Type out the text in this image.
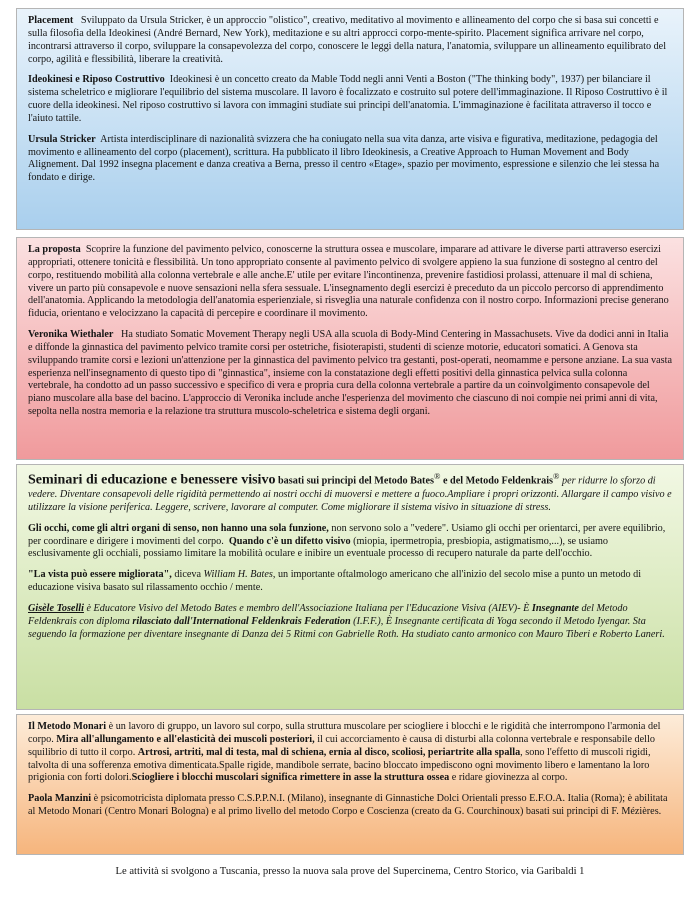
Placement Sviluppato da Ursula Stricker, è un approccio "olistico", creativo, meditativo al movimento e allineamento del corpo che si basa sui concetti e sulla filosofia della Ideokinesi (André Bernard, New York), meditazione e su altri approcci corpo-mente-spirito. Placement significa arrivare nel corpo, incontrarsi attraverso il corpo, sviluppare la consapevolezza del corpo, conoscere le leggi della natura, l'anatomia, sviluppare un allineamento equilibrato del corpo, agilità e flessibilità, liberare la creatività.

Ideokinesi e Riposo Costruttivo Ideokinesi è un concetto creato da Mable Todd negli anni Venti a Boston ("The thinking body", 1937) per bilanciare il sistema scheletrico e migliorare l'equilibrio del sistema muscolare. Il lavoro è focalizzato e costruito sul potere dell'immaginazione. Il Riposo Costruttivo è il cuore della ideokinesi. Nel riposo costruttivo si lavora con immagini studiate sui principi dell'anatomia. L'immaginazione è facilitata attraverso il tocco e l'aiuto tattile.

Ursula Stricker Artista interdisciplinare di nazionalità svizzera che ha coniugato nella sua vita danza, arte visiva e figurativa, meditazione, pedagogia del movimento e allineamento del corpo (placement), scrittura. Ha pubblicato il libro Ideokinesis, a Creative Approach to Human Movement and Body Alignement. Dal 1992 insegna placement e danza creativa a Berna, presso il centro «Etage», spazio per movimento, espressione e silenzio che lei stessa ha fondato e dirige.

La proposta Scoprire la funzione del pavimento pelvico, conoscerne la struttura ossea e muscolare, imparare ad attivare le diverse parti attraverso esercizi appropriati, ottenere tonicità e flessibilità. Un tono appropriato consente al pavimento pelvico di svolgere appieno la sua funzione di sostegno al centro del corpo, restituendo mobilità alla colonna vertebrale e alle anche.E' utile per evitare l'incontinenza, prevenire fastidiosi prolassi, attenuare il mal di schiena, vivere un parto più consapevole e nuove sensazioni nella sfera sessuale. L'insegnamento degli esercizi è preceduto da un piccolo percorso di apprendimento dell'anatomia. Applicando la metodologia dell'anatomia esperienziale, si risveglia una naturale confidenza con il nostro corpo. Informazioni precise generano fiducia, orientano e velocizzano la capacità di percepire e coordinare il movimento.

Veronika Wiethaler Ha studiato Somatic Movement Therapy negli USA alla scuola di Body-Mind Centering in Massachusets. Vive da dodici anni in Italia e diffonde la ginnastica del pavimento pelvico tramite corsi per ostetriche, fisioterapisti, studenti di scienze motorie, educatori somatici. A Genova sta sviluppando tramite corsi e lezioni un'attenzione per la ginnastica del pavimento pelvico tra gestanti, post-operati, neomamme e persone anziane. La sua vasta esperienza nell'insegnamento di questo tipo di "ginnastica", insieme con la constatazione degli effetti positivi della ginnastica pelvica sulla colonna vertebrale, ha condotto ad un passo successivo e specifico di vera e propria cura della colonna vertebrale a partire da un coinvolgimento consapevole del piano muscolare alla base del bacino. L'approccio di Veronika include anche l'esperienza del movimento che ciascuno di noi compie nei primi anni di vita, sepolta nella nostra memoria e la relazione tra struttura muscolo-scheletrica e sistema degli organi.

Seminari di educazione e benessere visivo basati sui principi del Metodo Bates® e del Metodo Feldenkrais® per ridurre lo sforzo di vedere. Diventare consapevoli delle rigidità permettendo ai nostri occhi di muoversi e mettere a fuoco.Ampliare i propri orizzonti. Allargare il campo visivo e utilizzare la visione periferica. Leggere, scrivere, lavorare al computer. Come migliorare il sistema visivo in situazione di stress.

Gli occhi, come gli altri organi di senso, non hanno una sola funzione, non servono solo a "vedere". Usiamo gli occhi per orientarci, per avere equilibrio, per coordinare e dirigere i movimenti del corpo. Quando c'è un difetto visivo (miopia, ipermetropia, presbiopia, astigmatismo,...), se usiamo esclusivamente gli occhiali, possiamo limitare la mobilità oculare e inibire un eventuale processo di recupero naturale da parte dell'occhio.

"La vista può essere migliorata", diceva William H. Bates, un importante oftalmologo americano che all'inizio del secolo mise a punto un metodo di educazione visiva basato sul rilassamento occhio / mente.

Gisèle Toselli è Educatore Visivo del Metodo Bates e membro dell'Associazione Italiana per l'Educazione Visiva (AIEV)- È Insegnante del Metodo Feldenkrais con diploma rilasciato dall'International Feldenkrais Federation (I.F.F.), È Insegnante certificata di Yoga secondo il Metodo Iyengar. Sta seguendo la formazione per diventare insegnante di Danza dei 5 Ritmi con Gabrielle Roth. Ha studiato canto armonico con Mauro Tiberi e Roberto Laneri.

Il Metodo Monari è un lavoro di gruppo, un lavoro sul corpo, sulla struttura muscolare per sciogliere i blocchi e le rigidità che interrompono l'armonia del corpo. Mira all'allungamento e all'elasticità dei muscoli posteriori, il cui accorciamento è causa di disturbi alla colonna vertebrale e responsabile dello squilibrio di tutto il corpo. Artrosi, artriti, mal di testa, mal di schiena, ernia al disco, scoliosi, periartrite alla spalla, sono l'effetto di muscoli rigidi, talvolta di una sofferenza emotiva dimenticata.Spalle rigide, mandibole serrate, bacino bloccato impediscono ogni movimento libero e lamentano la loro prigionia con forti dolori.Sciogliere i blocchi muscolari significa rimettere in asse la struttura ossea e ridare giovinezza al corpo.

Paola Manzini è psicomotricista diplomata presso C.S.P.P.N.I. (Milano), insegnante di Ginnastiche Dolci Orientali presso E.F.O.A. Italia (Roma); è abilitata al Metodo Monari (Centro Monari Bologna) e al primo livello del metodo Corpo e Coscienza (creato da G. Courchinoux) basati sui principi di F. Mézières.

Le attività si svolgono a Tuscania, presso la nuova sala prove del Supercinema, Centro Storico, via Garibaldi 1
